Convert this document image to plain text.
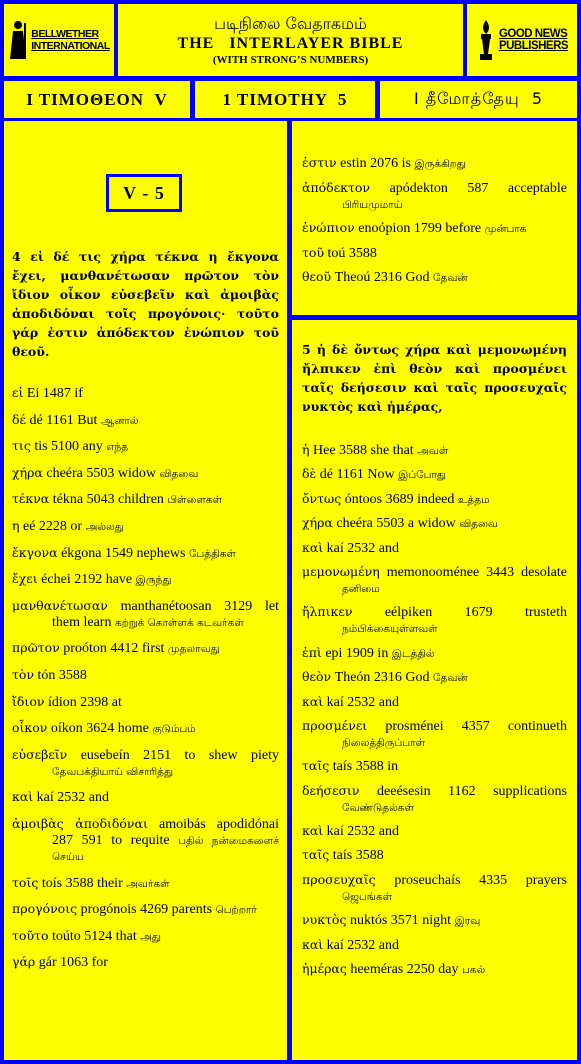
BELLWETHER
INTERNATIONAL
படிநிலை வேதாகமம்
THE   INTERLAYER BIBLE
(WITH STRONG’S NUMBERS)
GOOD NEWS
PUBLISHERS
Ι ΤΙΜΟΘΕΟΝ  V	1 TIMOTHY  5	I தீமோத்தேயு  5
V - 5
4 εἰ δέ τις χήρα τέκνα η ἔκγονα ἔχει, μανθανέτωσαν πρῶτον τὸν ἴδιον οἶκον εὐσεβεῖν καὶ ἀμοιβὰς ἀποδιδόναι τοῖς προγόνοις· τοῦτο γάρ ἐστιν ἀπόδεκτον ἐνώπιον τοῦ θεοῦ.

εἰ Ei 1487 if

δέ dé 1161 But ஆனால்

τις tis 5100 any எந்த

χήρα cheéra 5503 widow விதவை

τέκνα tékna 5043 children பிள்ளைகள்

η eé 2228 or அல்லது

ἔκγονα ékgona 1549 nephews பேத்திகள்

ἔχει échei 2192 have இருந்து

μανθανέτωσαν manthanétoosan 3129 let them learn கற்றுக் கொள்ளக் கடவர்கள்

πρῶτον proóton 4412 first முதலாவது

τὸν tón 3588

ἴδιον ídion 2398 at

οἶκον oíkon 3624 home குடும்பம்

εὐσεβεῖν eusebeín 2151 to shew piety தேவபக்தியாய் விசாரித்து

καὶ kaí 2532 and

ἀμοιβὰς ἀποδιδόναι amoibás apodidónai 287 591 to requite பதில் நன்மைகளைச் செய்ய

τοῖς toís 3588 their அவர்கள்

προγόνοις progónois 4269 parents பெற்றார்

τοῦτο toúto 5124 that அது

γάρ gár 1063 for

ἐστιν estin 2076 is இருக்கிறது

ἀπόδεκτον apódekton 587 acceptable பிரியமுமாய்

ἐνώπιον enoópion 1799 before முன்பாக

τοῦ toú 3588

θεοῦ Theoú 2316 God தேவன்

5 ἡ δὲ ὄντως χήρα καὶ μεμονωμένη ἤλπικεν ἐπὶ θεὸν καὶ προσμένει ταῖς δεήσεσιν καὶ ταῖς προσευχαῖς νυκτὸς καὶ ἡμέρας,

ἡ Hee 3588 she that அவள்

δὲ dé 1161 Now இப்போது

ὄντως óntoos 3689 indeed உத்தம

χήρα cheéra 5503 a widow விதவை

καὶ kaí 2532 and

μεμονωμένη memonooménee 3443 desolate தனிமை

ἤλπικεν eélpiken 1679 trusteth நம்பிக்கையுள்ளவள்

ἐπὶ epi 1909 in இடத்தில்

θεὸν Theón 2316 God தேவன்

καὶ kaí 2532 and

προσμένει prosménei 4357 continueth நிலைத்திருப்பாள்

ταῖς taís 3588 in

δεήσεσιν deeésesin 1162 supplications வேண்டுதல்கள்

καὶ kaí 2532 and

ταῖς taís 3588

προσευχαῖς proseuchaís 4335 prayers ஜெபங்கள்

νυκτὸς nuktós 3571 night இரவு

καὶ kaí 2532 and

ἡμέρας heeméras 2250 day பகல்
